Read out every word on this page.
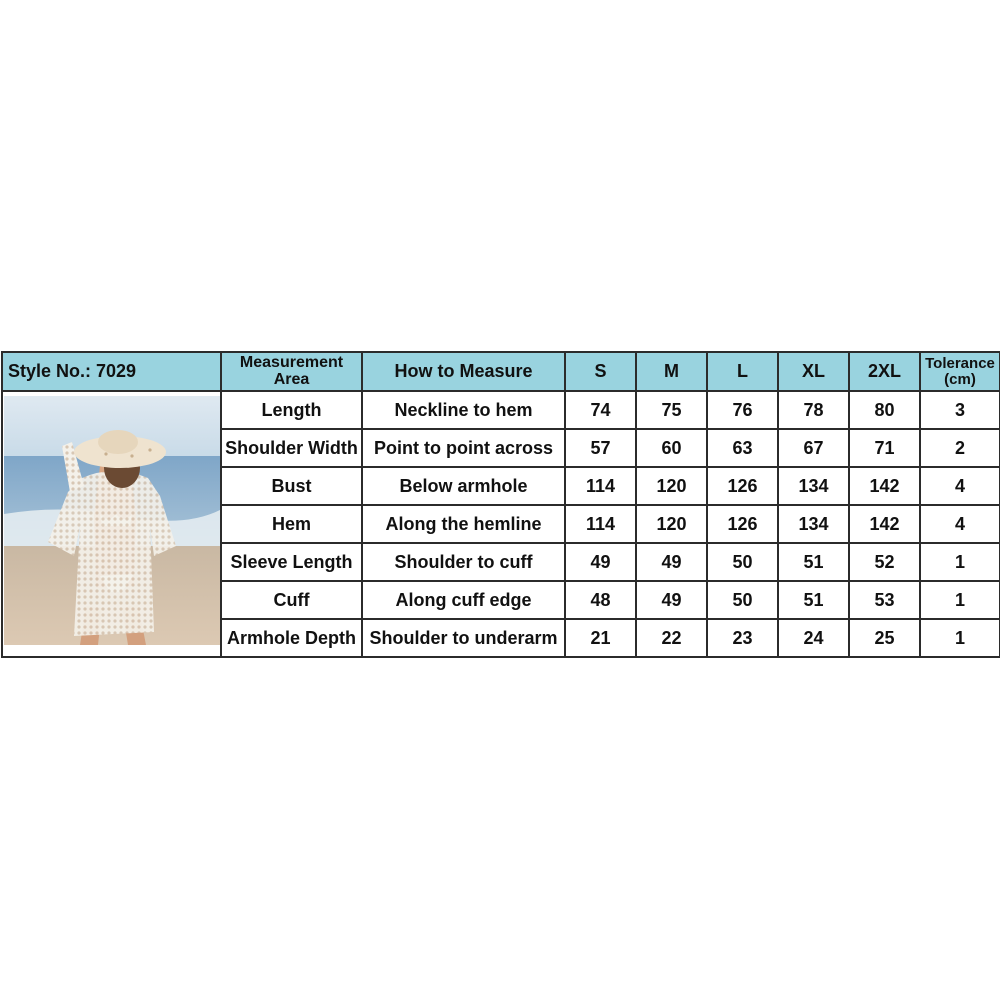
Style No.: 7029	Measurement Area	How to Measure	S	M	L	XL	2XL	Tolerance (cm)

	Length	Neckline to hem	74	75	76	78	80	3
	Shoulder Width	Point to point across	57	60	63	67	71	2
	Bust	Below armhole	114	120	126	134	142	4
	Hem	Along the hemline	114	120	126	134	142	4
	Sleeve Length	Shoulder to cuff	49	49	50	51	52	1
	Cuff	Along cuff edge	48	49	50	51	53	1
	Armhole Depth	Shoulder to underarm	21	22	23	24	25	1
